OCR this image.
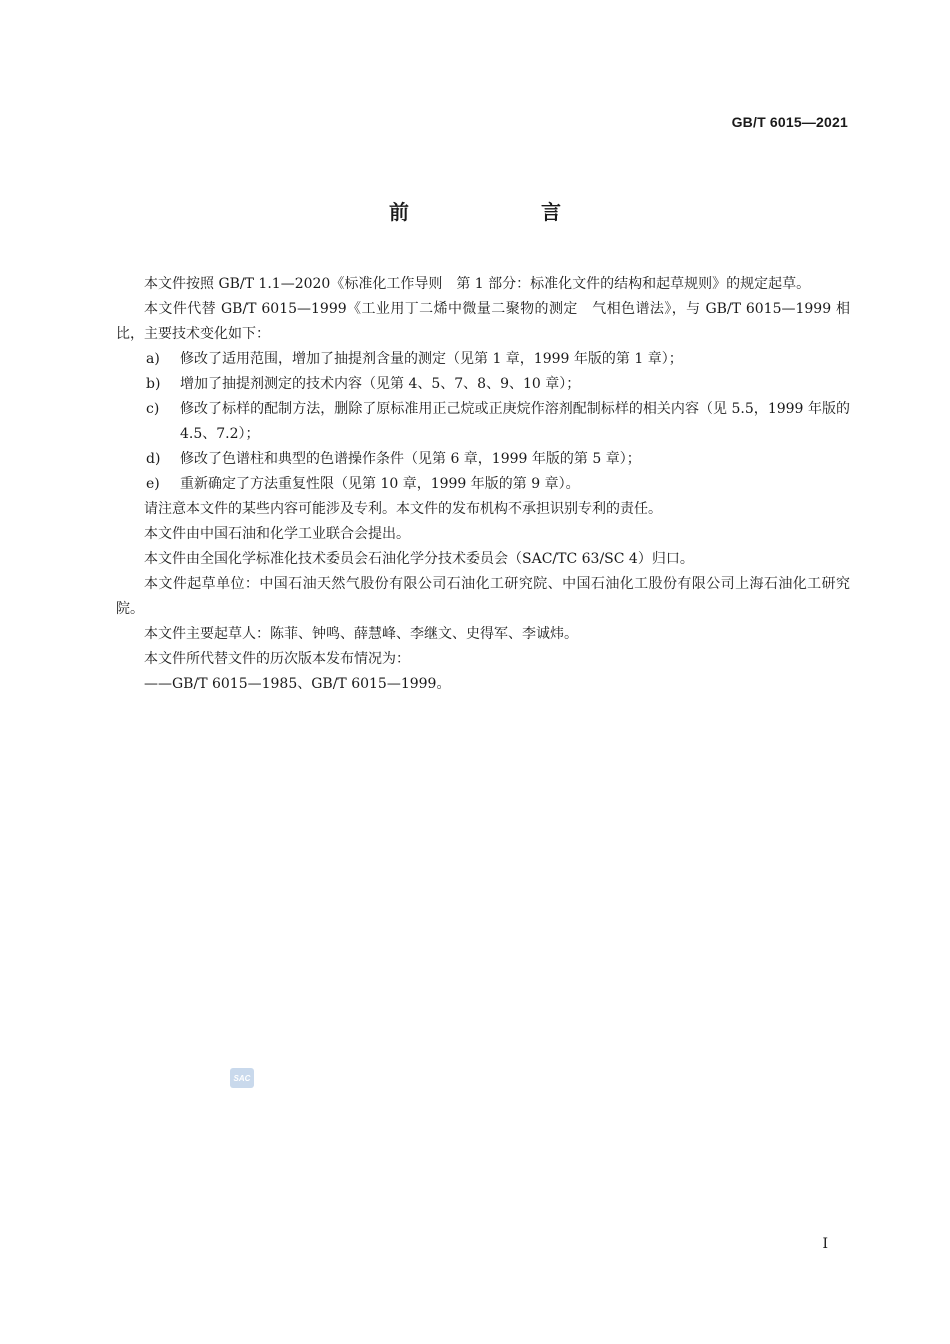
GB/T 6015—2021
前　言

本文件按照 GB/T 1.1—2020《标准化工作导则　第 1 部分：标准化文件的结构和起草规则》的规定起草。

本文件代替 GB/T 6015—1999《工业用丁二烯中微量二聚物的测定　气相色谱法》，与 GB/T 6015—1999 相比，主要技术变化如下：

a) 修改了适用范围，增加了抽提剂含量的测定（见第 1 章，1999 年版的第 1 章）；

b) 增加了抽提剂测定的技术内容（见第 4、5、7、8、9、10 章）；

c) 修改了标样的配制方法，删除了原标准用正己烷或正庚烷作溶剂配制标样的相关内容（见 5.5，1999 年版的 4.5、7.2）；

d) 修改了色谱柱和典型的色谱操作条件（见第 6 章，1999 年版的第 5 章）；

e) 重新确定了方法重复性限（见第 10 章，1999 年版的第 9 章）。

请注意本文件的某些内容可能涉及专利。本文件的发布机构不承担识别专利的责任。

本文件由中国石油和化学工业联合会提出。

本文件由全国化学标准化技术委员会石油化学分技术委员会（SAC/TC 63/SC 4）归口。

本文件起草单位：中国石油天然气股份有限公司石油化工研究院、中国石油化工股份有限公司上海石油化工研究院。

本文件主要起草人：陈菲、钟鸣、薛慧峰、李继文、史得军、李诚炜。

本文件所代替文件的历次版本发布情况为：

——GB/T 6015—1985、GB/T 6015—1999。

SAC
I
